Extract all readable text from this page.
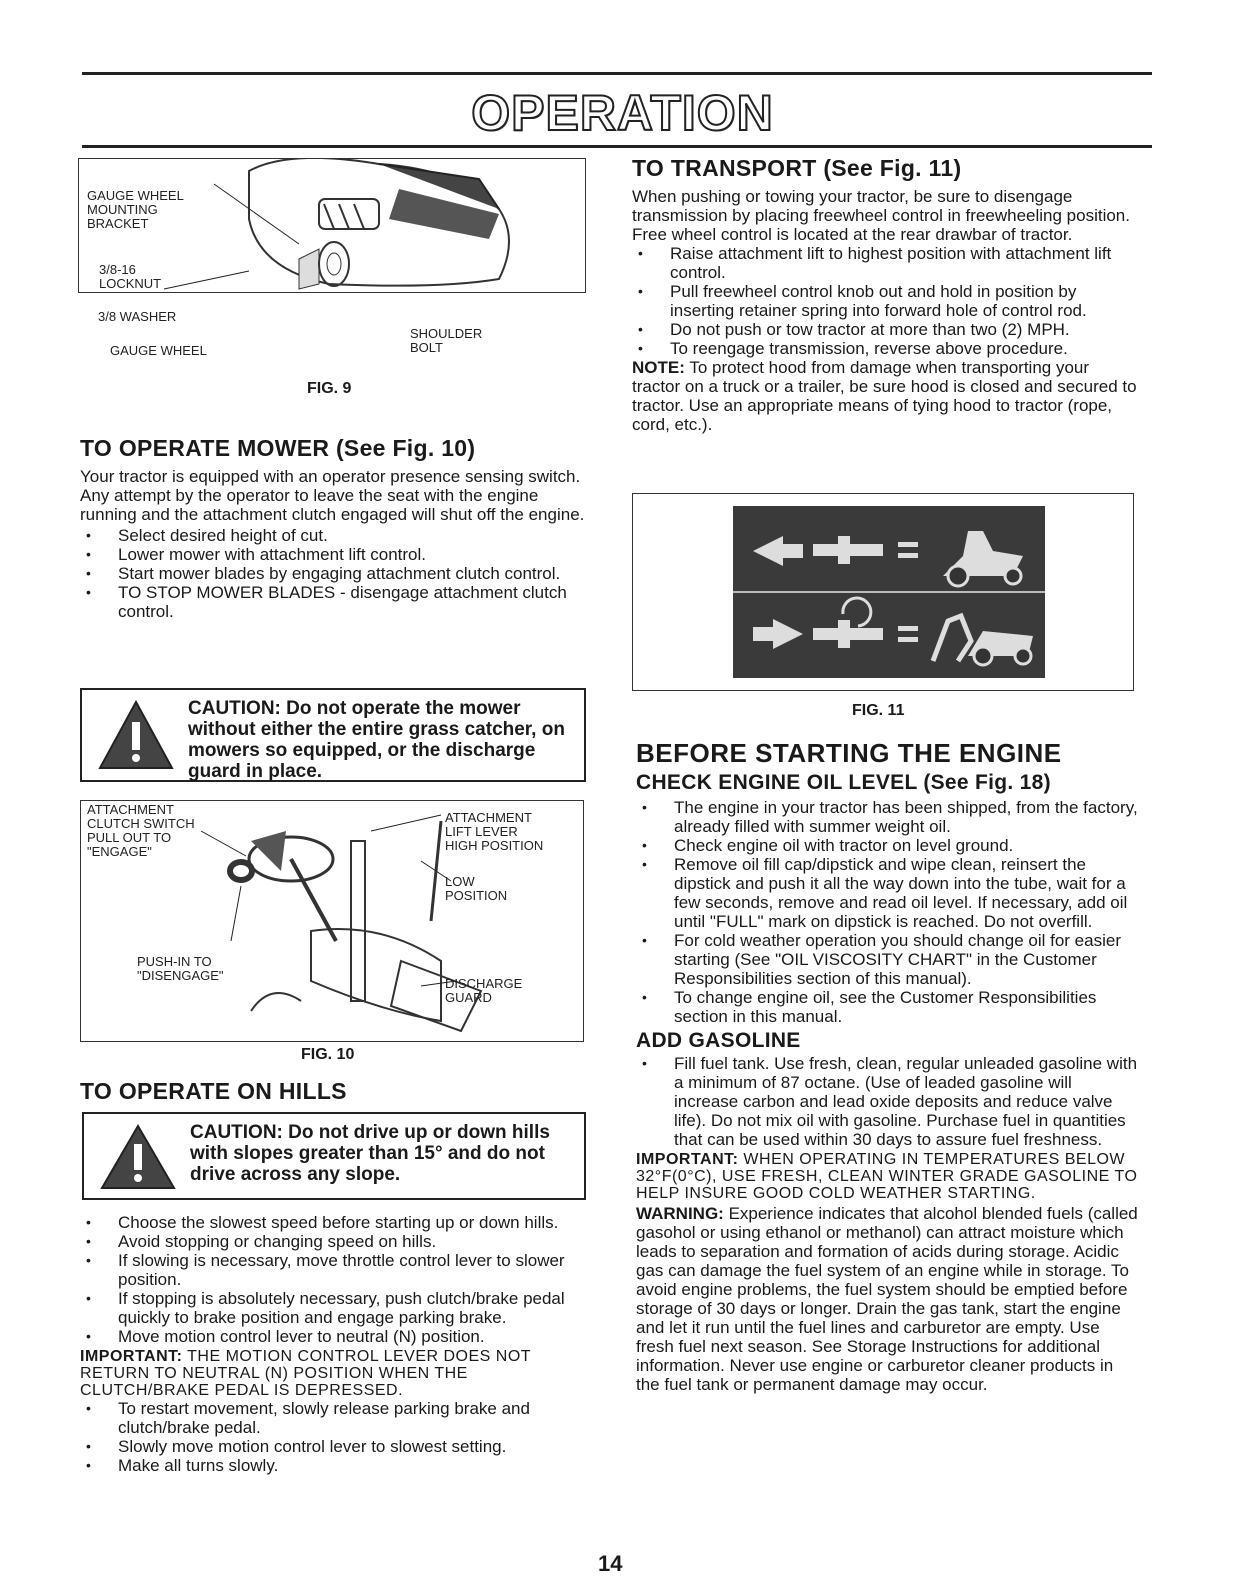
OPERATION
GAUGE WHEEL
MOUNTING
BRACKET
3/8-16
LOCKNUT
3/8 WASHER
GAUGE WHEEL
SHOULDER
BOLT
FIG. 9
TO OPERATE MOWER (See Fig. 10)

Your tractor is equipped with an operator presence sensing switch. Any attempt by the operator to leave the seat with the engine running and the attachment clutch engaged will shut off the engine.

• Select desired height of cut.
• Lower mower with attachment lift control.
• Start mower blades by engaging attachment clutch control.
• TO STOP MOWER BLADES - disengage attachment clutch control.
CAUTION: Do not operate the mower without either the entire grass catcher, on mowers so equipped, or the discharge guard in place.
ATTACHMENT
CLUTCH SWITCH
PULL OUT TO
"ENGAGE"
ATTACHMENT
LIFT LEVER
HIGH POSITION
LOW
POSITION
PUSH-IN TO
"DISENGAGE"
DISCHARGE
GUARD
FIG. 10
TO OPERATE ON HILLS
CAUTION: Do not drive up or down hills with slopes greater than 15° and do not drive across any slope.
• Choose the slowest speed before starting up or down hills.
• Avoid stopping or changing speed on hills.
• If slowing is necessary, move throttle control lever to slower position.
• If stopping is absolutely necessary, push clutch/brake pedal quickly to brake position and engage parking brake.
• Move motion control lever to neutral (N) position.

IMPORTANT: THE MOTION CONTROL LEVER DOES NOT RETURN TO NEUTRAL (N) POSITION WHEN THE CLUTCH/BRAKE PEDAL IS DEPRESSED.

• To restart movement, slowly release parking brake and clutch/brake pedal.
• Slowly move motion control lever to slowest setting.
• Make all turns slowly.
TO TRANSPORT (See Fig. 11)

When pushing or towing your tractor, be sure to disengage transmission by placing freewheel control in freewheeling position. Free wheel control is located at the rear drawbar of tractor.

• Raise attachment lift to highest position with attachment lift control.
• Pull freewheel control knob out and hold in position by inserting retainer spring into forward hole of control rod.
• Do not push or tow tractor at more than two (2) MPH.
• To reengage transmission, reverse above procedure.

NOTE: To protect hood from damage when transporting your tractor on a truck or a trailer, be sure hood is closed and secured to tractor. Use an appropriate means of tying hood to tractor (rope, cord, etc.).

FIG. 11
BEFORE STARTING THE ENGINE
CHECK ENGINE OIL LEVEL (See Fig. 18)
• The engine in your tractor has been shipped, from the factory, already filled with summer weight oil.
• Check engine oil with tractor on level ground.
• Remove oil fill cap/dipstick and wipe clean, reinsert the dipstick and push it all the way down into the tube, wait for a few seconds, remove and read oil level. If necessary, add oil until "FULL" mark on dipstick is reached. Do not overfill.
• For cold weather operation you should change oil for easier starting (See "OIL VISCOSITY CHART" in the Customer Responsibilities section of this manual).
• To change engine oil, see the Customer Responsibilities section in this manual.
ADD GASOLINE
• Fill fuel tank. Use fresh, clean, regular unleaded gasoline with a minimum of 87 octane. (Use of leaded gasoline will increase carbon and lead oxide deposits and reduce valve life). Do not mix oil with gasoline. Purchase fuel in quantities that can be used within 30 days to assure fuel freshness.

IMPORTANT: WHEN OPERATING IN TEMPERATURES BELOW 32°F(0°C), USE FRESH, CLEAN WINTER GRADE GASOLINE TO HELP INSURE GOOD COLD WEATHER STARTING.

WARNING: Experience indicates that alcohol blended fuels (called gasohol or using ethanol or methanol) can attract moisture which leads to separation and formation of acids during storage. Acidic gas can damage the fuel system of an engine while in storage. To avoid engine problems, the fuel system should be emptied before storage of 30 days or longer. Drain the gas tank, start the engine and let it run until the fuel lines and carburetor are empty. Use fresh fuel next season. See Storage Instructions for additional information. Never use engine or carburetor cleaner products in the fuel tank or permanent damage may occur.

14
